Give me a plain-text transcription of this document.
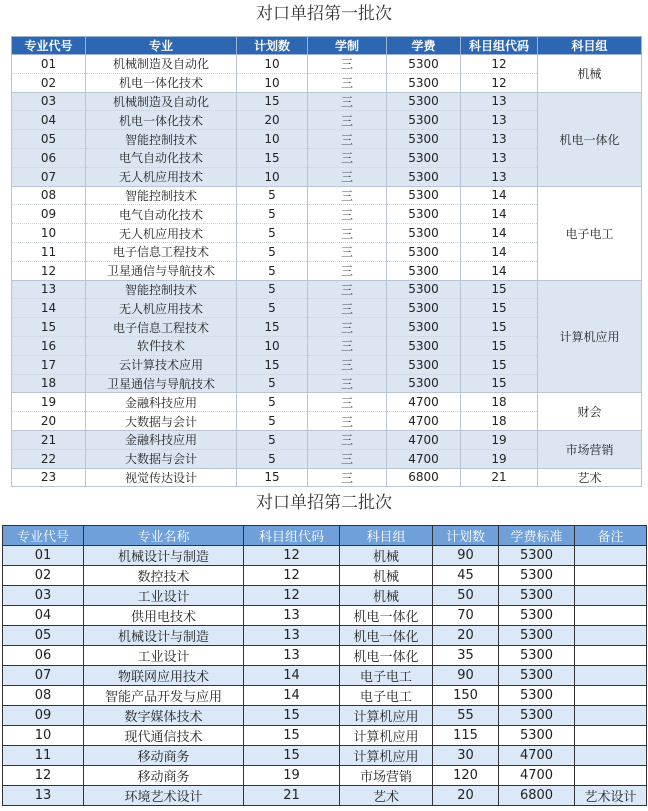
对口单招第一批次
专业代号	专业	计划数	学制	学费	科目组代码	科目组
01	机械制造及自动化	10	三	5300	12	机械
02	机电一体化技术	10	三	5300	12	
03	机械制造及自动化	15	三	5300	13	机电一体化
04	机电一体化技术	20	三	5300	13	
05	智能控制技术	10	三	5300	13	
06	电气自动化技术	15	三	5300	13	
07	无人机应用技术	10	三	5300	13	
08	智能控制技术	5	三	5300	14	电子电工
09	电气自动化技术	5	三	5300	14	
10	无人机应用技术	5	三	5300	14	
11	电子信息工程技术	5	三	5300	14	
12	卫星通信与导航技术	5	三	5300	14	
13	智能控制技术	5	三	5300	15	计算机应用
14	无人机应用技术	5	三	5300	15	
15	电子信息工程技术	15	三	5300	15	
16	软件技术	10	三	5300	15	
17	云计算技术应用	15	三	5300	15	
18	卫星通信与导航技术	5	三	5300	15	
19	金融科技应用	5	三	4700	18	财会
20	大数据与会计	5	三	4700	18	
21	金融科技应用	5	三	4700	19	市场营销
22	大数据与会计	5	三	4700	19	
23	视觉传达设计	15	三	6800	21	艺术
对口单招第二批次
专业代号	专业名称	科目组代码	科目组	计划数	学费标准	备注
01	机械设计与制造	12	机械	90	5300	
02	数控技术	12	机械	45	5300	
03	工业设计	12	机械	50	5300	
04	供用电技术	13	机电一体化	70	5300	
05	机械设计与制造	13	机电一体化	20	5300	
06	工业设计	13	机电一体化	35	5300	
07	物联网应用技术	14	电子电工	90	5300	
08	智能产品开发与应用	14	电子电工	150	5300	
09	数字媒体技术	15	计算机应用	55	5300	
10	现代通信技术	15	计算机应用	115	5300	
11	移动商务	15	计算机应用	30	4700	
12	移动商务	19	市场营销	120	4700	
13	环境艺术设计	21	艺术	20	6800	艺术设计
